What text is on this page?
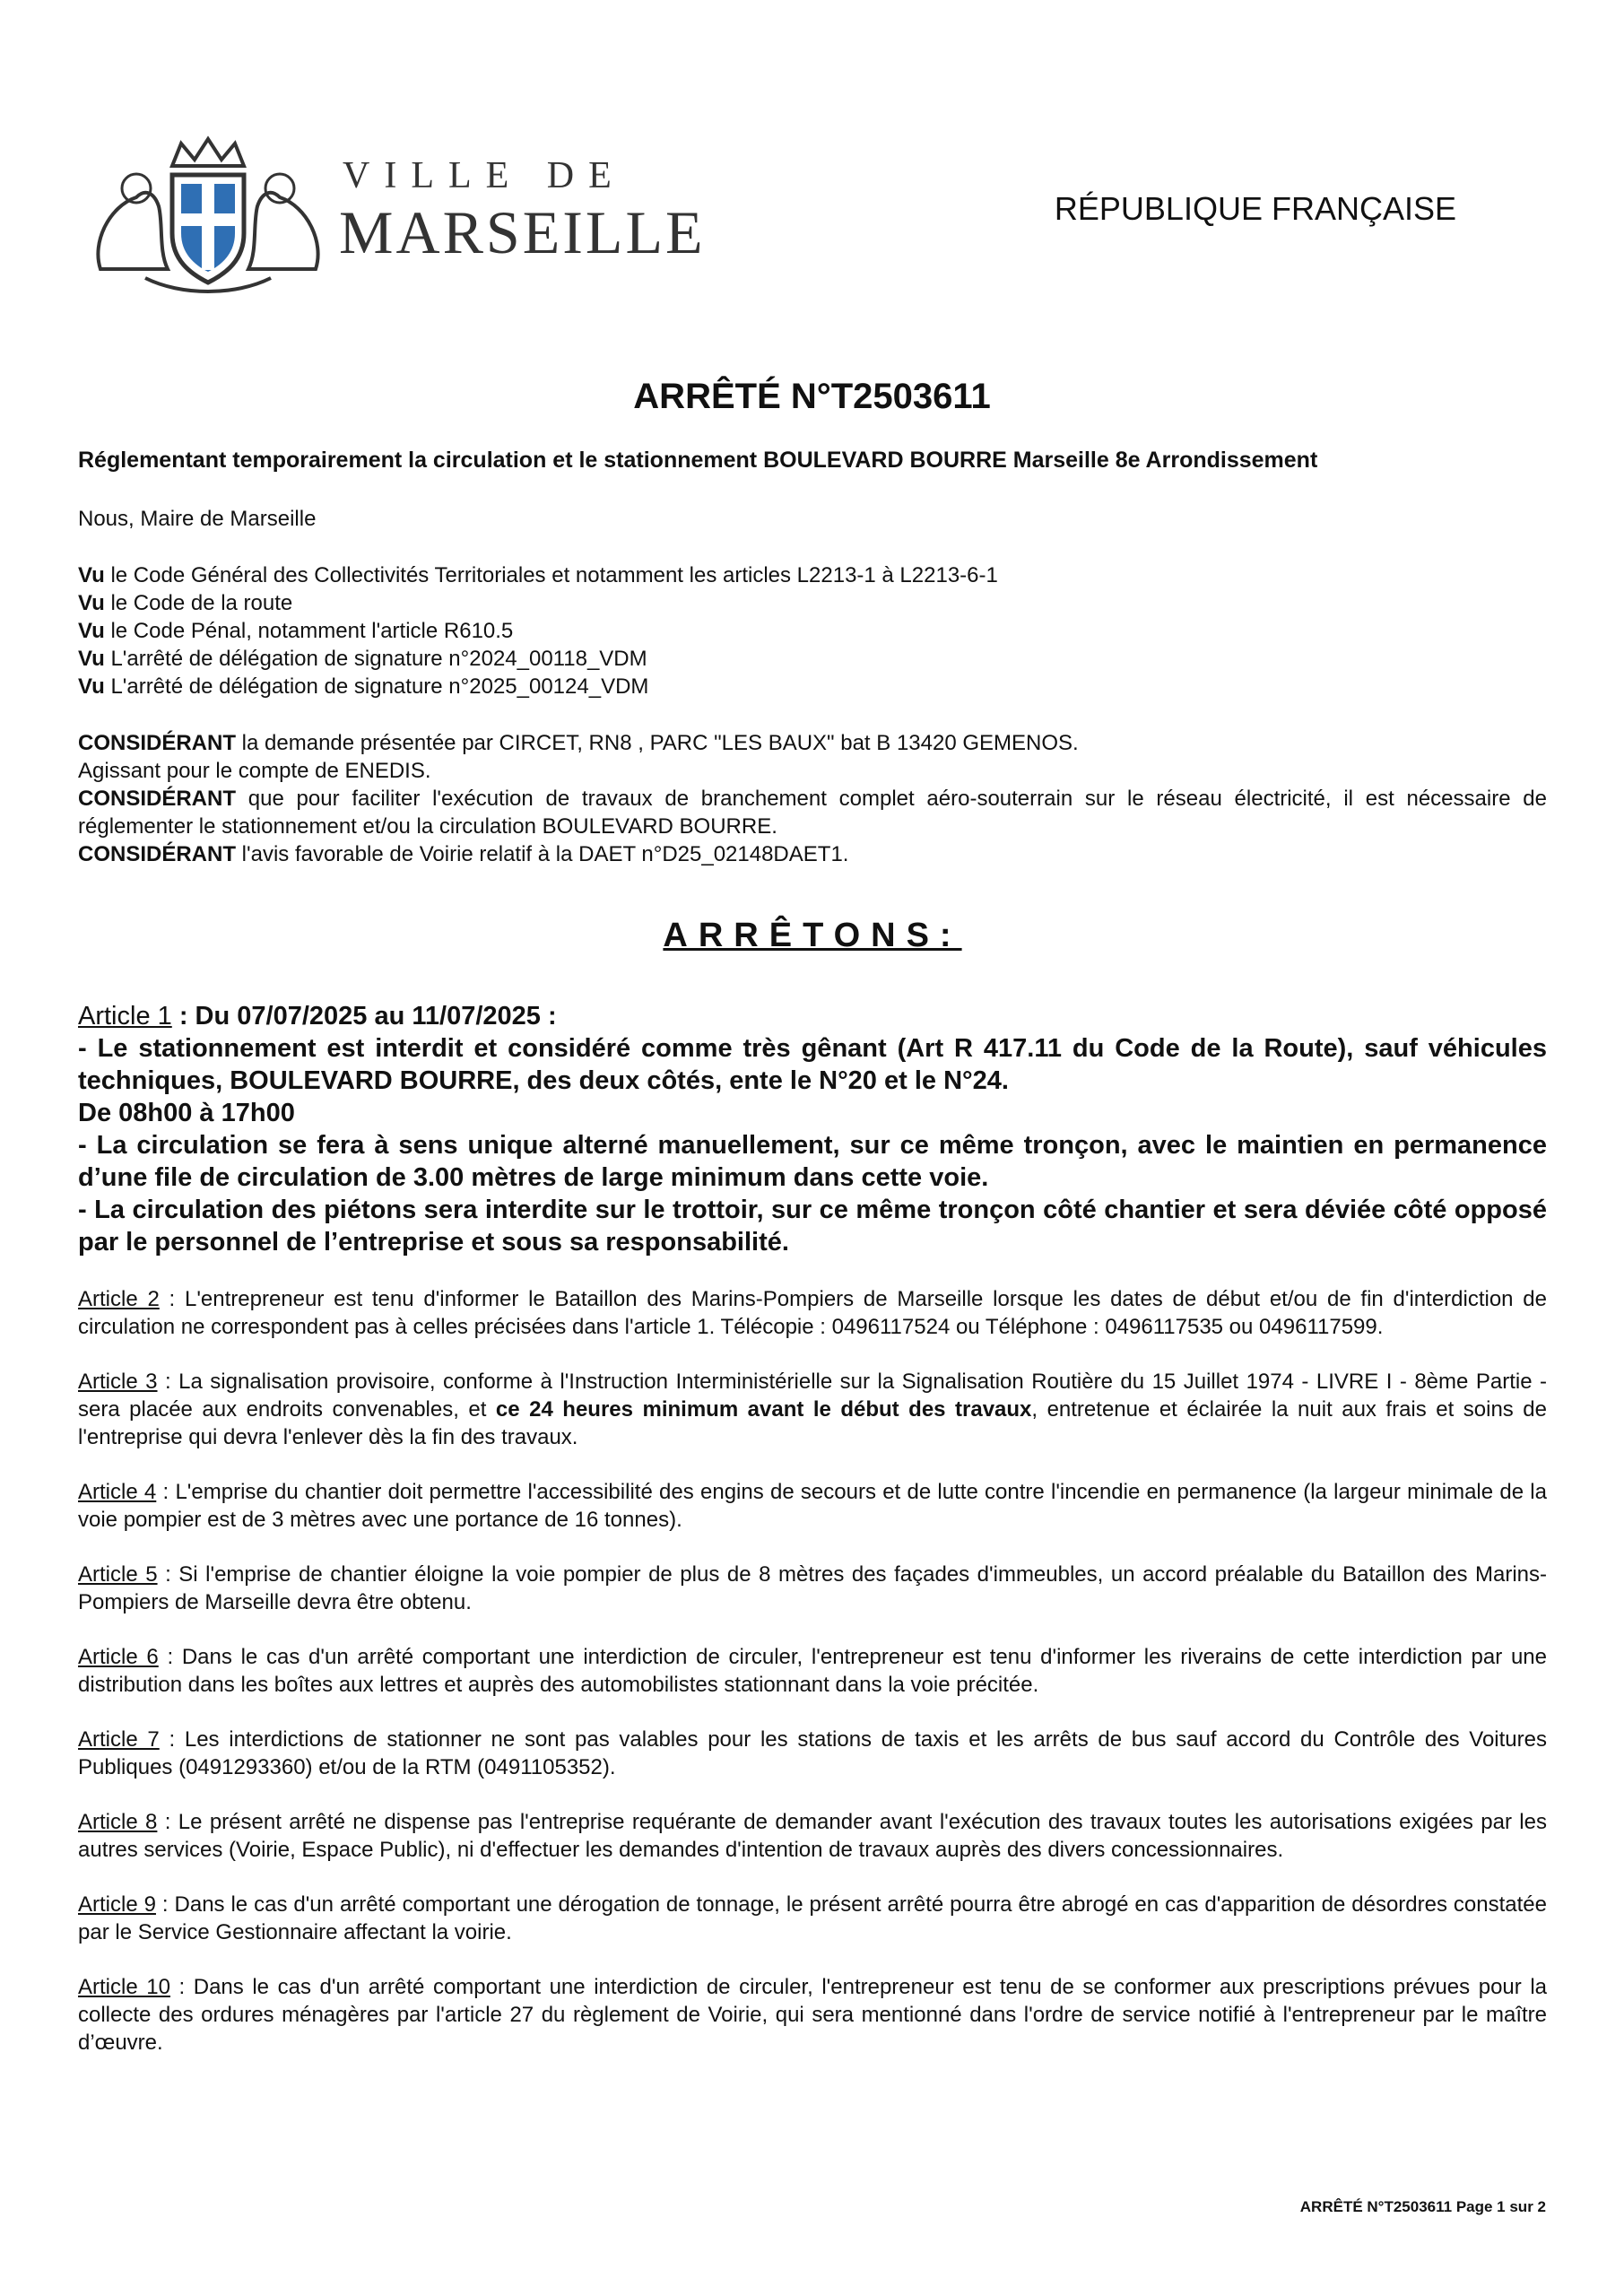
VILLE DE
MARSEILLE	RÉPUBLIQUE FRANÇAISE
ARRÊTÉ N°T2503611

Réglementant temporairement la circulation et le stationnement BOULEVARD BOURRE Marseille 8e Arrondissement

Nous, Maire de Marseille

Vu le Code Général des Collectivités Territoriales et notamment les articles L2213-1 à L2213-6-1

Vu le Code de la route

Vu le Code Pénal, notamment l'article R610.5

Vu L'arrêté de délégation de signature n°2024_00118_VDM

Vu L'arrêté de délégation de signature n°2025_00124_VDM

CONSIDÉRANT la demande présentée par CIRCET, RN8 , PARC "LES BAUX" bat B 13420 GEMENOS.

Agissant pour le compte de ENEDIS.

CONSIDÉRANT que pour faciliter l'exécution de travaux de branchement complet aéro-souterrain sur le réseau électricité, il est nécessaire de réglementer le stationnement et/ou la circulation BOULEVARD BOURRE.

CONSIDÉRANT l'avis favorable de Voirie relatif à la DAET n°D25_02148DAET1.

ARRÊTONS:

Article 1 : Du 07/07/2025 au 11/07/2025 :

- Le stationnement est interdit et considéré comme très gênant (Art R 417.11 du Code de la Route), sauf véhicules techniques, BOULEVARD BOURRE, des deux côtés, ente le N°20 et le N°24.

De 08h00 à 17h00

- La circulation se fera à sens unique alterné manuellement, sur ce même tronçon, avec le maintien en permanence d’une file de circulation de 3.00 mètres de large minimum dans cette voie.

- La circulation des piétons sera interdite sur le trottoir, sur ce même tronçon côté chantier et sera déviée côté opposé par le personnel de l’entreprise et sous sa responsabilité.

Article 2 : L'entrepreneur est tenu d'informer le Bataillon des Marins-Pompiers de Marseille lorsque les dates de début et/ou de fin d'interdiction de circulation ne correspondent pas à celles précisées dans l'article 1. Télécopie : 0496117524 ou Téléphone : 0496117535 ou 0496117599.

Article 3 : La signalisation provisoire, conforme à l'Instruction Interministérielle sur la Signalisation Routière du 15 Juillet 1974 - LIVRE I - 8ème Partie - sera placée aux endroits convenables, et ce 24 heures minimum avant le début des travaux, entretenue et éclairée la nuit aux frais et soins de l'entreprise qui devra l'enlever dès la fin des travaux.

Article 4 : L'emprise du chantier doit permettre l'accessibilité des engins de secours et de lutte contre l'incendie en permanence (la largeur minimale de la voie pompier est de 3 mètres avec une portance de 16 tonnes).

Article 5 : Si l'emprise de chantier éloigne la voie pompier de plus de 8 mètres des façades d'immeubles, un accord préalable du Bataillon des Marins-Pompiers de Marseille devra être obtenu.

Article 6 : Dans le cas d'un arrêté comportant une interdiction de circuler, l'entrepreneur est tenu d'informer les riverains de cette interdiction par une distribution dans les boîtes aux lettres et auprès des automobilistes stationnant dans la voie précitée.

Article 7 : Les interdictions de stationner ne sont pas valables pour les stations de taxis et les arrêts de bus sauf accord du Contrôle des Voitures Publiques (0491293360) et/ou de la RTM (0491105352).

Article 8 : Le présent arrêté ne dispense pas l'entreprise requérante de demander avant l'exécution des travaux toutes les autorisations exigées par les autres services (Voirie, Espace Public), ni d'effectuer les demandes d'intention de travaux auprès des divers concessionnaires.

Article 9 : Dans le cas d'un arrêté comportant une dérogation de tonnage, le présent arrêté pourra être abrogé en cas d'apparition de désordres constatée par le Service Gestionnaire affectant la voirie.

Article 10 : Dans le cas d'un arrêté comportant une interdiction de circuler, l'entrepreneur est tenu de se conformer aux prescriptions prévues pour la collecte des ordures ménagères par l'article 27 du règlement de Voirie, qui sera mentionné dans l'ordre de service notifié à l'entrepreneur par le maître d’œuvre.

ARRÊTÉ N°T2503611 Page 1 sur 2
